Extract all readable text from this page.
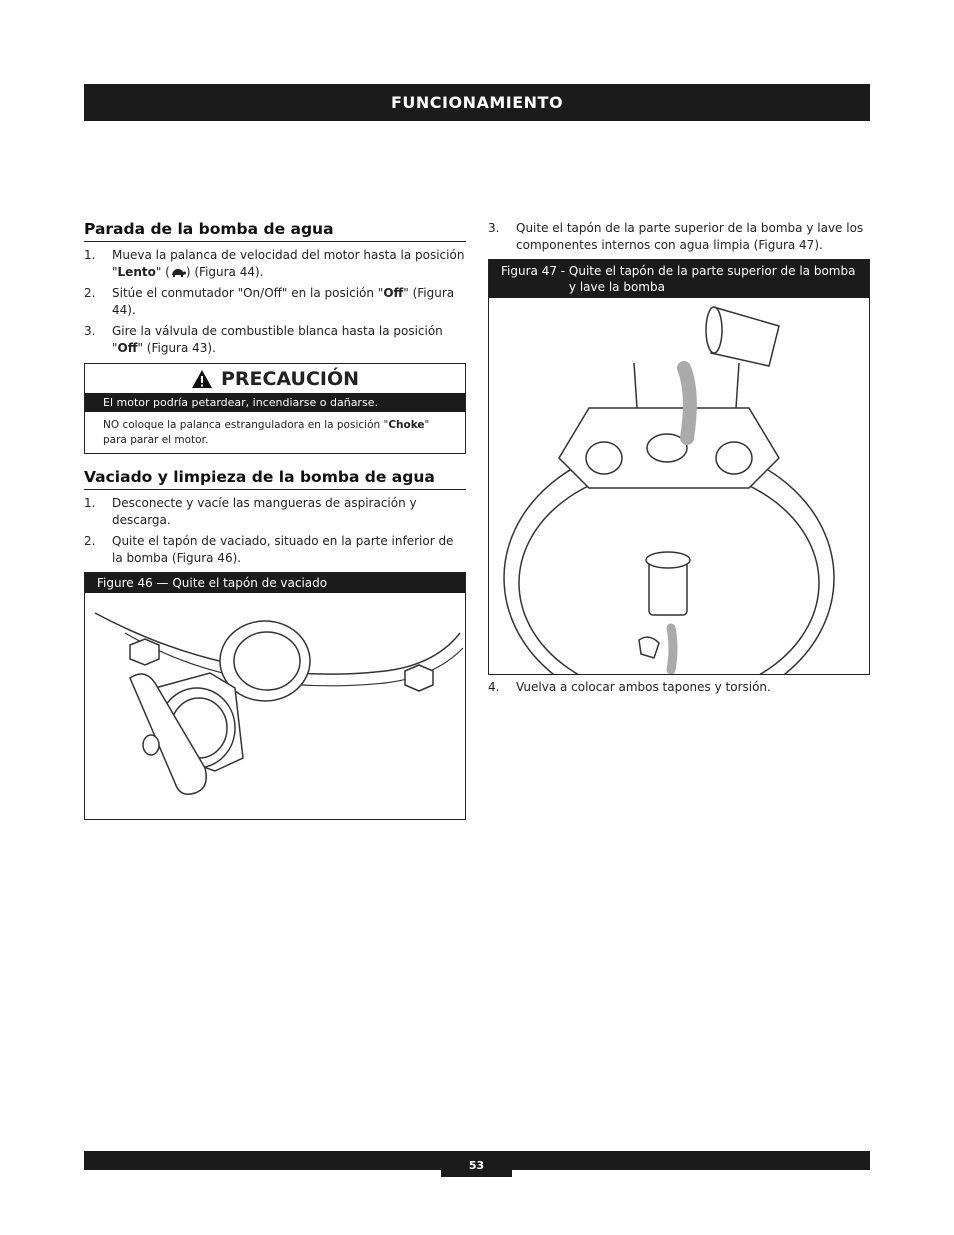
FUNCIONAMIENTO
Parada de la bomba de agua
1.	Mueva la palanca de velocidad del motor hasta la posición "Lento" ( ) (Figura 44).
2.	Sitúe el conmutador "On/Off" en la posición "Off" (Figura 44).
3.	Gire la válvula de combustible blanca hasta la posición "Off" (Figura 43).
PRECAUCIÓN
El motor podría petardear, incendiarse o dañarse.
NO coloque la palanca estranguladora en la posición "Choke" para parar el motor.
Vaciado y limpieza de la bomba de agua
1.	Desconecte y vacíe las mangueras de aspiración y descarga.
2.	Quite el tapón de vaciado, situado en la parte inferior de la bomba (Figura 46).
Figure 46 — Quite el tapón de vaciado
3.	Quite el tapón de la parte superior de la bomba y lave los componentes internos con agua limpia (Figura 47).
Figura 47 - Quite el tapón de la parte superior de la bomba y lave la bomba
4.	Vuelva a colocar ambos tapones y torsión.
53
